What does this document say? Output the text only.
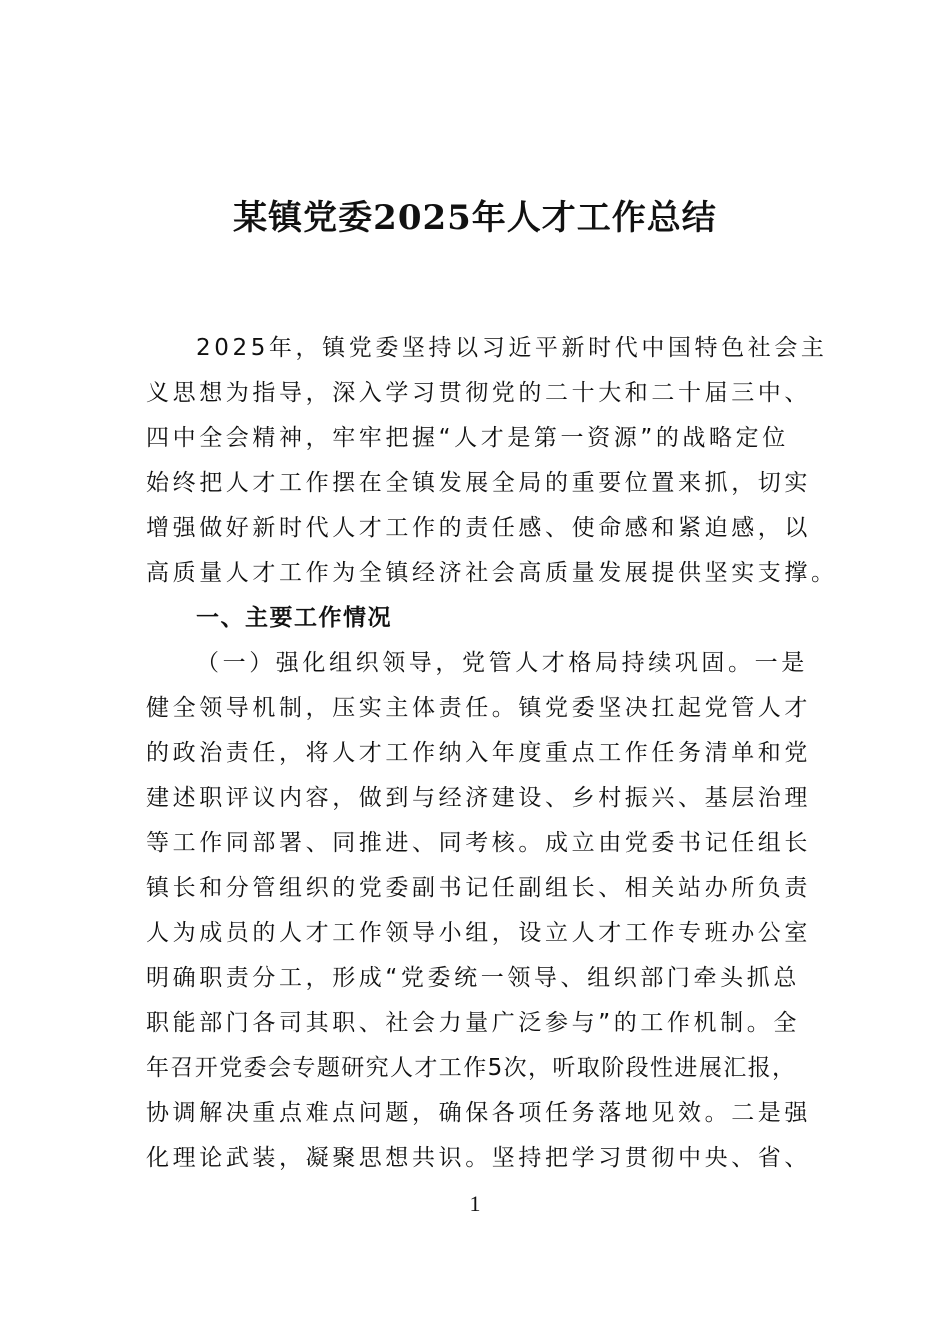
某镇党委2025年人才工作总结
2025年，镇党委坚持以习近平新时代中国特色社会主
义思想为指导，深入学习贯彻党的二十大和二十届三中、
四中全会精神，牢牢把握“人才是第一资源”的战略定位
始终把人才工作摆在全镇发展全局的重要位置来抓，切实
增强做好新时代人才工作的责任感、使命感和紧迫感，以
高质量人才工作为全镇经济社会高质量发展提供坚实支撑。
一、主要工作情况
（一）强化组织领导，党管人才格局持续巩固。一是
健全领导机制，压实主体责任。镇党委坚决扛起党管人才
的政治责任，将人才工作纳入年度重点工作任务清单和党
建述职评议内容，做到与经济建设、乡村振兴、基层治理
等工作同部署、同推进、同考核。成立由党委书记任组长
镇长和分管组织的党委副书记任副组长、相关站办所负责
人为成员的人才工作领导小组，设立人才工作专班办公室
明确职责分工，形成“党委统一领导、组织部门牵头抓总
职能部门各司其职、社会力量广泛参与”的工作机制。全
年召开党委会专题研究人才工作5次，听取阶段性进展汇报，
协调解决重点难点问题，确保各项任务落地见效。二是强
化理论武装，凝聚思想共识。坚持把学习贯彻中央、省、
1
